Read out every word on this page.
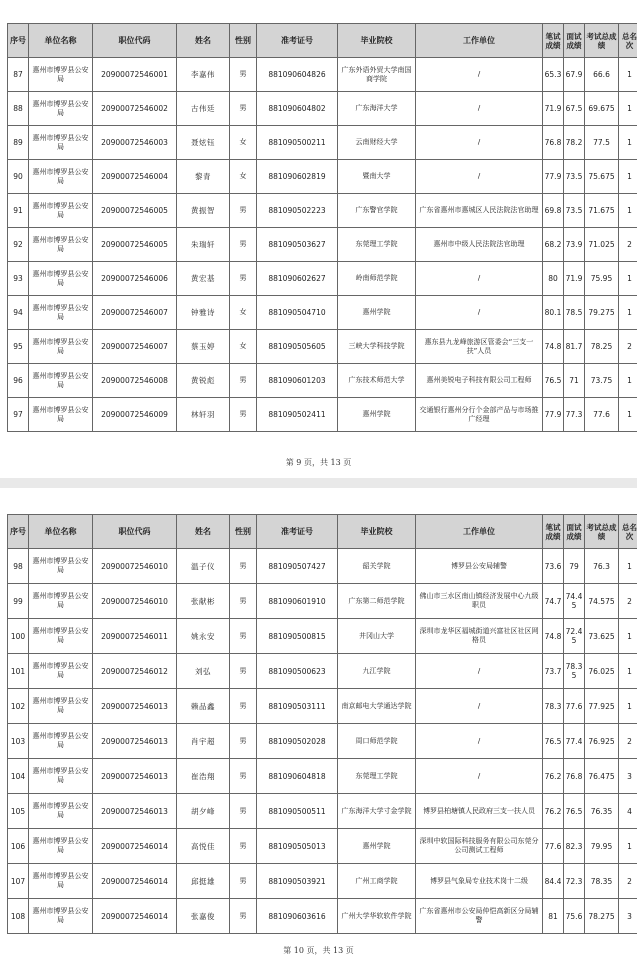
序号	单位名称	职位代码	姓名	性别	准考证号	毕业院校	工作单位	笔试成绩	面试成绩	考试总成绩	总名次
87	惠州市博罗县公安局	20900072546001	李嘉伟	男	881090604826	广东外语外贸大学南国商学院	/	65.3	67.9	66.6	1
88	惠州市博罗县公安局	20900072546002	古伟廷	男	881090604802	广东海洋大学	/	71.9	67.5	69.675	1
89	惠州市博罗县公安局	20900072546003	聂炫钰	女	881090500211	云南财经大学	/	76.8	78.2	77.5	1
90	惠州市博罗县公安局	20900072546004	黎青	女	881090602819	暨南大学	/	77.9	73.5	75.675	1
91	惠州市博罗县公安局	20900072546005	黄振智	男	881090502223	广东警官学院	广东省惠州市惠城区人民法院法官助理	69.8	73.5	71.675	1
92	惠州市博罗县公安局	20900072546005	朱瑞轩	男	881090503627	东莞理工学院	惠州市中级人民法院法官助理	68.2	73.9	71.025	2
93	惠州市博罗县公安局	20900072546006	黄宏基	男	881090602627	岭南师范学院	/	80	71.9	75.95	1
94	惠州市博罗县公安局	20900072546007	钟雅诗	女	881090504710	惠州学院	/	80.1	78.5	79.275	1
95	惠州市博罗县公安局	20900072546007	蔡玉婷	女	881090505605	三峡大学科技学院	惠东县九龙峰旅游区管委会“三支一扶”人员	74.8	81.7	78.25	2
96	惠州市博罗县公安局	20900072546008	黄锐彪	男	881090601203	广东技术师范大学	惠州美锐电子科技有限公司工程师	76.5	71	73.75	1
97	惠州市博罗县公安局	20900072546009	林轩羽	男	881090502411	惠州学院	交通银行惠州分行个金部产品与市场推广经理	77.9	77.3	77.6	1
第 9 页，共 13 页
序号	单位名称	职位代码	姓名	性别	准考证号	毕业院校	工作单位	笔试成绩	面试成绩	考试总成绩	总名次
98	惠州市博罗县公安局	20900072546010	温子仪	男	881090507427	韶关学院	博罗县公安局辅警	73.6	79	76.3	1
99	惠州市博罗县公安局	20900072546010	张献彬	男	881090601910	广东第二师范学院	佛山市三水区南山镇经济发展中心九级职员	74.7	74.45	74.575	2
100	惠州市博罗县公安局	20900072546011	姚永安	男	881090500815	井冈山大学	深圳市龙华区福城街道兴富社区社区网格员	74.8	72.45	73.625	1
101	惠州市博罗县公安局	20900072546012	刘弘	男	881090500623	九江学院	/	73.7	78.35	76.025	1
102	惠州市博罗县公安局	20900072546013	赖品鑫	男	881090503111	南京邮电大学通达学院	/	78.3	77.6	77.925	1
103	惠州市博罗县公安局	20900072546013	肖宇超	男	881090502028	周口师范学院	/	76.5	77.4	76.925	2
104	惠州市博罗县公安局	20900072546013	崔浩翔	男	881090604818	东莞理工学院	/	76.2	76.8	76.475	3
105	惠州市博罗县公安局	20900072546013	胡夕峰	男	881090500511	广东海洋大学寸金学院	博罗县柏塘镇人民政府三支一扶人员	76.2	76.5	76.35	4
106	惠州市博罗县公安局	20900072546014	高悦佳	男	881090505013	惠州学院	深圳中软国际科技服务有限公司东莞分公司测试工程师	77.6	82.3	79.95	1
107	惠州市博罗县公安局	20900072546014	邱挺雄	男	881090503921	广州工商学院	博罗县气象局专业技术岗十二级	84.4	72.3	78.35	2
108	惠州市博罗县公安局	20900072546014	张嘉俊	男	881090603616	广州大学华软软件学院	广东省惠州市公安局仲恺高新区分局辅警	81	75.6	78.275	3
第 10 页，共 13 页
